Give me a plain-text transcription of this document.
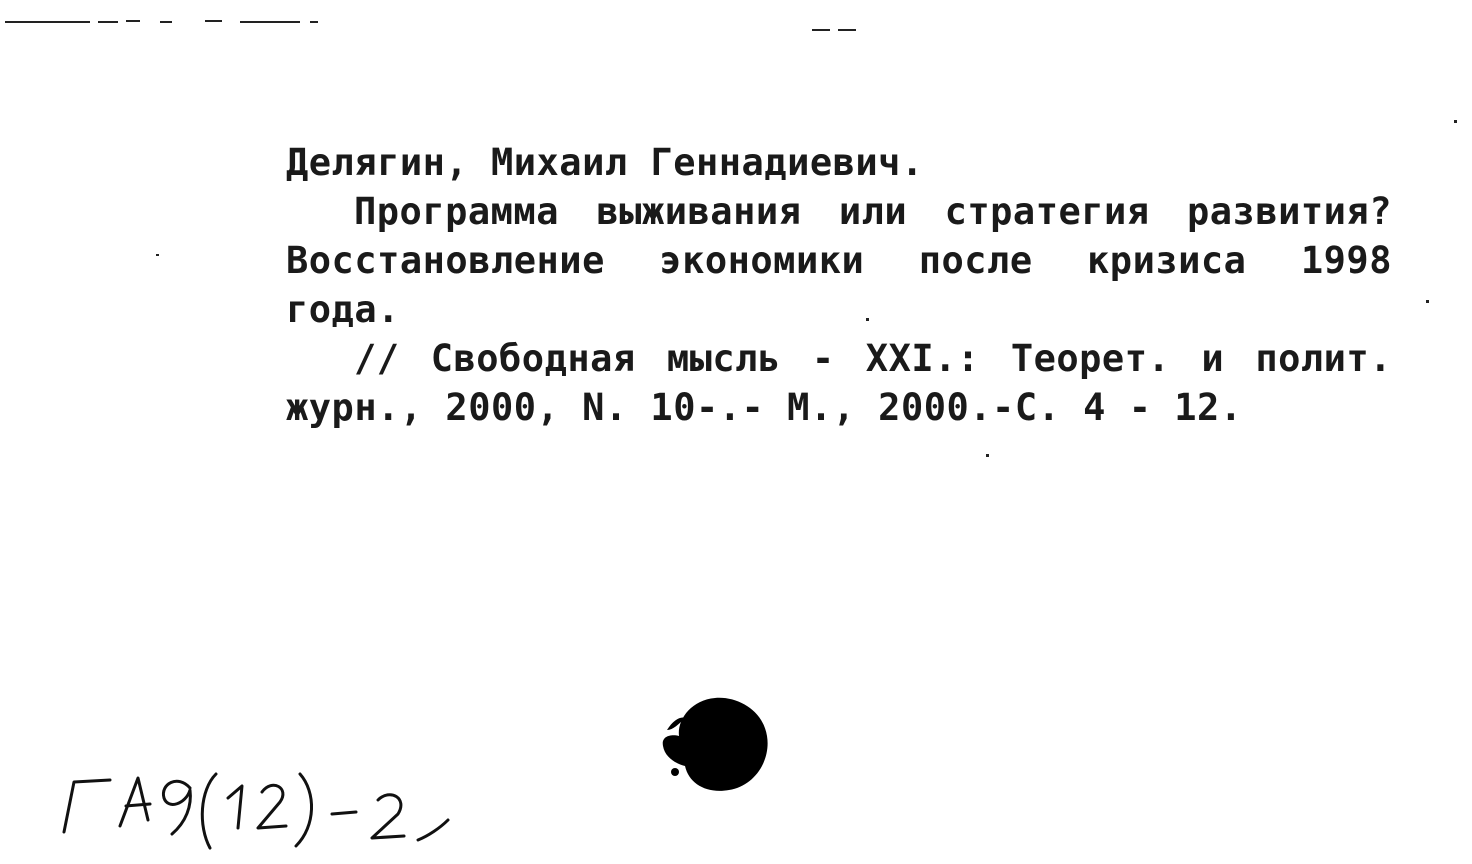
Делягин, Михаил Геннадиевич.
Программа выживания или стратегия развития? Восстановление экономики после кризиса 1998 года.
// Свободная мысль - XXI.: Теорет. и полит. журн., 2000, N. 10-.- М., 2000.-С. 4 - 12.
